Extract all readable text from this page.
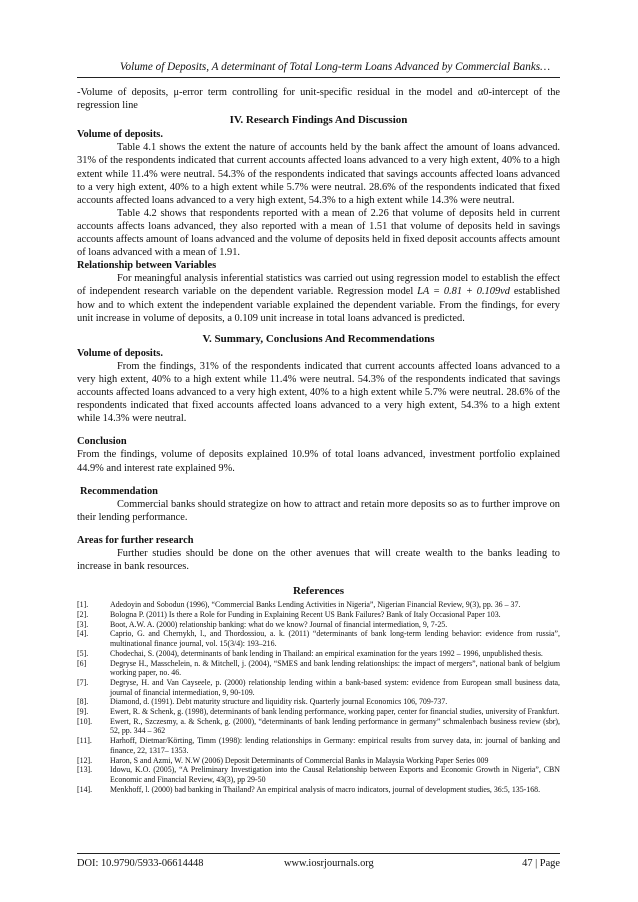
Volume of Deposits, A determinant of Total Long-term Loans Advanced by Commercial Banks…

-Volume of deposits, μ-error term controlling for unit-specific residual in the model and α0-intercept of the regression line

IV. Research Findings And Discussion
Volume of deposits.

Table 4.1 shows the extent the nature of accounts held by the bank affect the amount of loans advanced. 31% of the respondents indicated that current accounts affected loans advanced to a very high extent, 40% to a high extent while 11.4% were neutral. 54.3% of the respondents indicated that savings accounts affected loans advanced to a very high extent, 40% to a high extent while 5.7% were neutral. 28.6% of the respondents indicated that fixed accounts affected loans advanced to a very high extent, 54.3% to a high extent while 14.3% were neutral.

Table 4.2 shows that respondents reported with a mean of 2.26 that volume of deposits held in current accounts affects loans advanced, they also reported with a mean of 1.51 that volume of deposits held in savings accounts affects amount of loans advanced and the volume of deposits held in fixed deposit accounts affects amount of loans advanced with a mean of 1.91.

Relationship between Variables

For meaningful analysis inferential statistics was carried out using regression model to establish the effect of independent research variable on the dependent variable. Regression model LA = 0.81 + 0.109vd established how and to which extent the independent variable explained the dependent variable. From the findings, for every unit increase in volume of deposits, a 0.109 unit increase in total loans advanced is predicted.

V. Summary, Conclusions And Recommendations
Volume of deposits.

From the findings, 31% of the respondents indicated that current accounts affected loans advanced to a very high extent, 40% to a high extent while 11.4% were neutral. 54.3% of the respondents indicated that savings accounts affected loans advanced to a very high extent, 40% to a high extent while 5.7% were neutral. 28.6% of the respondents indicated that fixed accounts affected loans advanced to a very high extent, 54.3% to a high extent while 14.3% were neutral.

Conclusion

From the findings, volume of deposits explained 10.9% of total loans advanced, investment portfolio explained 44.9% and interest rate explained 9%.

Recommendation

Commercial banks should strategize on how to attract and retain more deposits so as to further improve on their lending performance.

Areas for further research

Further studies should be done on the other avenues that will create wealth to the banks leading to increase in bank resources.

References
[1].	Adedoyin and Sobodun (1996), “Commercial Banks Lending Activities in Nigeria”, Nigerian Financial Review, 9(3), pp. 36 – 37.
[2].	Bologna P. (2011) Is there a Role for Funding in Explaining Recent US Bank Failures? Bank of Italy Occasional Paper 103.
[3].	Boot, A.W. A. (2000) relationship banking: what do we know? Journal of financial intermediation, 9, 7-25.
[4].	Caprio, G. and Chernykh, l., and Thordossiou, a. k. (2011) “determinants of bank long-term lending behavior: evidence from russia”, multinational finance journal, vol. 15(3/4): 193–216.
[5].	Chodechai, S. (2004), determinants of bank lending in Thailand: an empirical examination for the years 1992 – 1996, unpublished thesis.
[6]	Degryse H., Masschelein, n. & Mitchell, j. (2004), “SMES and bank lending relationships: the impact of mergers”, national bank of belgium working paper, no. 46.
[7].	Degryse, H. and Van Cayseele, p. (2000) relationship lending within a bank-based system: evidence from European small business data, journal of financial intermediation, 9, 90-109.
[8].	Diamond, d. (1991). Debt maturity structure and liquidity risk. Quarterly journal Economics 106, 709-737.
[9].	Ewert, R. & Schenk, g. (1998), determinants of bank lending performance, working paper, center for financial studies, university of Frankfurt.
[10].	Ewert, R., Szczesmy, a. & Schenk, g. (2000), “determinants of bank lending performance in germany” schmalenbach business review (sbr), 52, pp. 344 – 362
[11].	Harhoff, Dietmar/Körting, Timm (1998): lending relationships in Germany: empirical results from survey data, in: journal of banking and finance, 22, 1317– 1353.
[12].	Haron, S and Azmi, W. N.W (2006) Deposit Determinants of Commercial Banks in Malaysia Working Paper Series 009
[13].	Idowu, K.O. (2005), “A Preliminary Investigation into the Causal Relationship between Exports and Economic Growth in Nigeria”, CBN Economic and Financial Review, 43(3), pp 29-50
[14].	Menkhoff, l. (2000) bad banking in Thailand? An empirical analysis of macro indicators, journal of development studies, 36:5, 135-168.
DOI: 10.9790/5933-06614448	www.iosrjournals.org	47 | Page
